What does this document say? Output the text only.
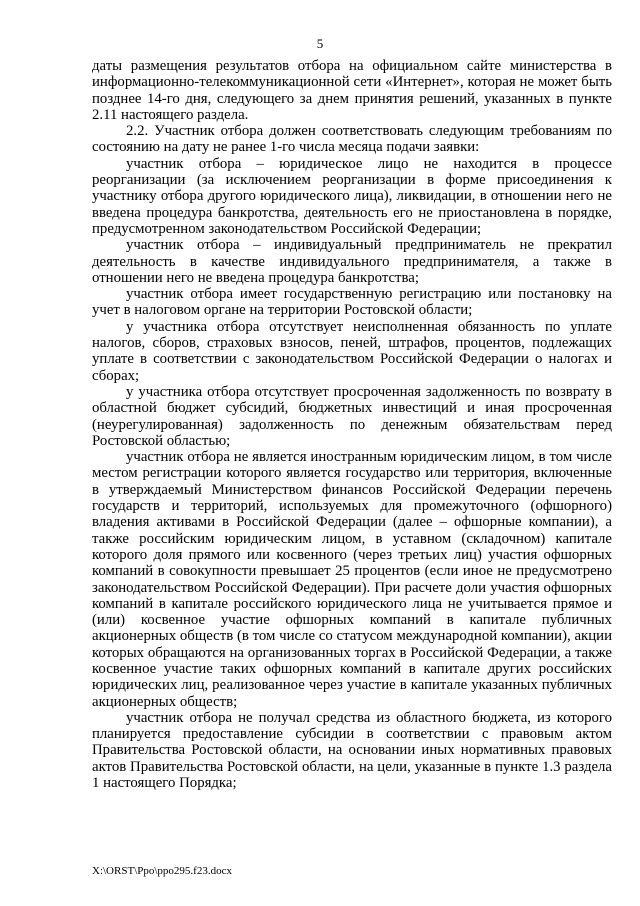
5

даты размещения результатов отбора на официальном сайте министерства в информационно-телекоммуникационной сети «Интернет», которая не может быть позднее 14-го дня, следующего за днем принятия решений, указанных в пункте 2.11 настоящего раздела.

2.2. Участник отбора должен соответствовать следующим требованиям по состоянию на дату не ранее 1-го числа месяца подачи заявки:

участник отбора – юридическое лицо не находится в процессе реорганизации (за исключением реорганизации в форме присоединения к участнику отбора другого юридического лица), ликвидации, в отношении него не введена процедура банкротства, деятельность его не приостановлена в порядке, предусмотренном законодательством Российской Федерации;

участник отбора – индивидуальный предприниматель не прекратил деятельность в качестве индивидуального предпринимателя, а также в отношении него не введена процедура банкротства;

участник отбора имеет государственную регистрацию или постановку на учет в налоговом органе на территории Ростовской области;

у участника отбора отсутствует неисполненная обязанность по уплате налогов, сборов, страховых взносов, пеней, штрафов, процентов, подлежащих уплате в соответствии с законодательством Российской Федерации о налогах и сборах;

у участника отбора отсутствует просроченная задолженность по возврату в областной бюджет субсидий, бюджетных инвестиций и иная просроченная (неурегулированная) задолженность по денежным обязательствам перед Ростовской областью;

участник отбора не является иностранным юридическим лицом, в том числе местом регистрации которого является государство или территория, включенные в утверждаемый Министерством финансов Российской Федерации перечень государств и территорий, используемых для промежуточного (офшорного) владения активами в Российской Федерации (далее – офшорные компании), а также российским юридическим лицом, в уставном (складочном) капитале которого доля прямого или косвенного (через третьих лиц) участия офшорных компаний в совокупности превышает 25 процентов (если иное не предусмотрено законодательством Российской Федерации). При расчете доли участия офшорных компаний в капитале российского юридического лица не учитывается прямое и (или) косвенное участие офшорных компаний в капитале публичных акционерных обществ (в том числе со статусом международной компании), акции которых обращаются на организованных торгах в Российской Федерации, а также косвенное участие таких офшорных компаний в капитале других российских юридических лиц, реализованное через участие в капитале указанных публичных акционерных обществ;

участник отбора не получал средства из областного бюджета, из которого планируется предоставление субсидии в соответствии с правовым актом Правительства Ростовской области, на основании иных нормативных правовых актов Правительства Ростовской области, на цели, указанные в пункте 1.3 раздела 1 настоящего Порядка;

X:\ORST\Ppo\ppo295.f23.docx
